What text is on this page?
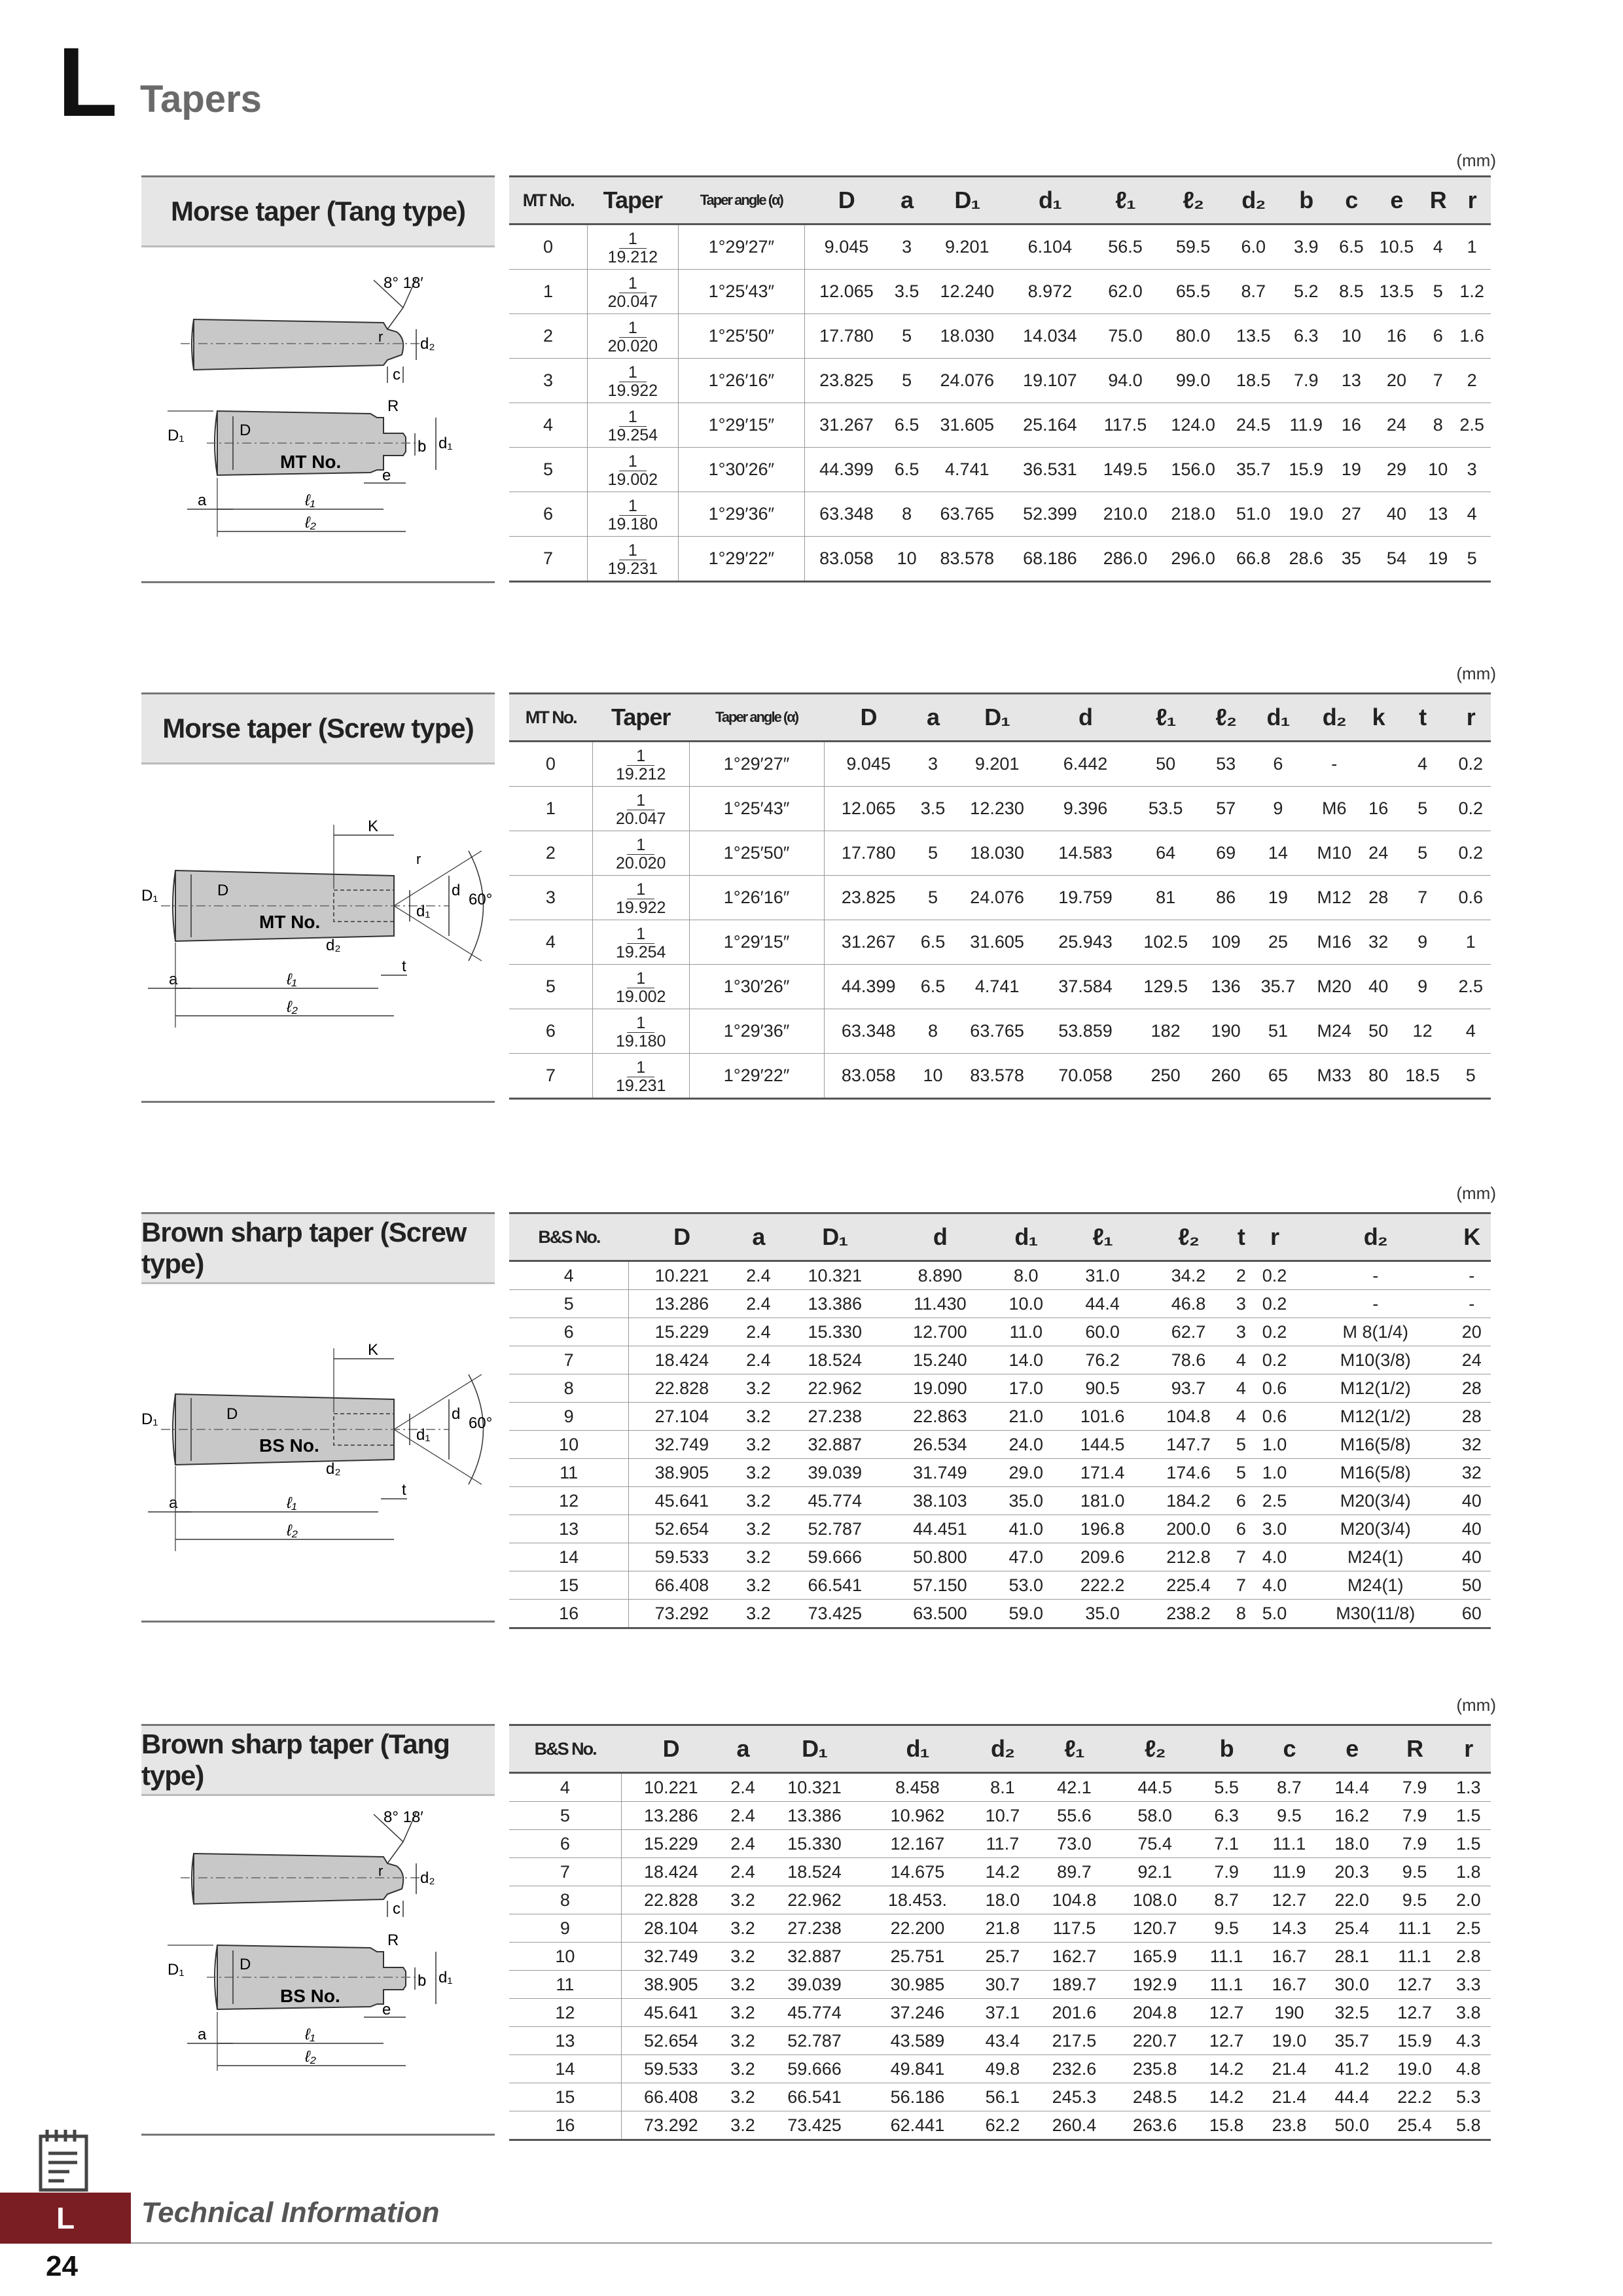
L Tapers
(mm)
Morse taper (Tang type)
8° 18′
r d₂
c
D₁	D
MT No.
R
b d₁
e
a	ℓ₁
ℓ₂
MT No.	Taper	Taper angle (α)	D	a	D₁	d₁	ℓ₁	ℓ₂	d₂	b	c	e	R	r
0	$\frac{1}{19.212}$	1°29′27″	9.045	3	9.201	6.104	56.5	59.5	6.0	3.9	6.5	10.5	4	1
1	$\frac{1}{20.047}$	1°25′43″	12.065	3.5	12.240	8.972	62.0	65.5	8.7	5.2	8.5	13.5	5	1.2
2	$\frac{1}{20.020}$	1°25′50″	17.780	5	18.030	14.034	75.0	80.0	13.5	6.3	10	16	6	1.6
3	$\frac{1}{19.922}$	1°26′16″	23.825	5	24.076	19.107	94.0	99.0	18.5	7.9	13	20	7	2
4	$\frac{1}{19.254}$	1°29′15″	31.267	6.5	31.605	25.164	117.5	124.0	24.5	11.9	16	24	8	2.5
5	$\frac{1}{19.002}$	1°30′26″	44.399	6.5	4.741	36.531	149.5	156.0	35.7	15.9	19	29	10	3
6	$\frac{1}{19.180}$	1°29′36″	63.348	8	63.765	52.399	210.0	218.0	51.0	19.0	27	40	13	4
7	$\frac{1}{19.231}$	1°29′22″	83.058	10	83.578	68.186	286.0	296.0	66.8	28.6	35	54	19	5
(mm)
Morse taper (Screw type)
K
r
60°
d
d₁
D₁	D
MT No.
d₂
t
a	ℓ₁
ℓ₂
MT No.	Taper	Taper angle (α)	D	a	D₁	d	ℓ₁	ℓ₂	d₁	d₂	k	t	r
0	$\frac{1}{19.212}$	1°29′27″	9.045	3	9.201	6.442	50	53	6	-		4	0.2
1	$\frac{1}{20.047}$	1°25′43″	12.065	3.5	12.230	9.396	53.5	57	9	M6	16	5	0.2
2	$\frac{1}{20.020}$	1°25′50″	17.780	5	18.030	14.583	64	69	14	M10	24	5	0.2
3	$\frac{1}{19.922}$	1°26′16″	23.825	5	24.076	19.759	81	86	19	M12	28	7	0.6
4	$\frac{1}{19.254}$	1°29′15″	31.267	6.5	31.605	25.943	102.5	109	25	M16	32	9	1
5	$\frac{1}{19.002}$	1°30′26″	44.399	6.5	4.741	37.584	129.5	136	35.7	M20	40	9	2.5
6	$\frac{1}{19.180}$	1°29′36″	63.348	8	63.765	53.859	182	190	51	M24	50	12	4
7	$\frac{1}{19.231}$	1°29′22″	83.058	10	83.578	70.058	250	260	65	M33	80	18.5	5
(mm)
Brown sharp taper (Screw type)
K
60°
d
d₁
D₁	D
BS No.
d₂
t
a	ℓ₁
ℓ₂
B&S No.	D	a	D₁	d	d₁	ℓ₁	ℓ₂	t	r	d₂	K
4	10.221	2.4	10.321	8.890	8.0	31.0	34.2	2	0.2	-	-
5	13.286	2.4	13.386	11.430	10.0	44.4	46.8	3	0.2	-	-
6	15.229	2.4	15.330	12.700	11.0	60.0	62.7	3	0.2	M 8(1/4)	20
7	18.424	2.4	18.524	15.240	14.0	76.2	78.6	4	0.2	M10(3/8)	24
8	22.828	3.2	22.962	19.090	17.0	90.5	93.7	4	0.6	M12(1/2)	28
9	27.104	3.2	27.238	22.863	21.0	101.6	104.8	4	0.6	M12(1/2)	28
10	32.749	3.2	32.887	26.534	24.0	144.5	147.7	5	1.0	M16(5/8)	32
11	38.905	3.2	39.039	31.749	29.0	171.4	174.6	5	1.0	M16(5/8)	32
12	45.641	3.2	45.774	38.103	35.0	181.0	184.2	6	2.5	M20(3/4)	40
13	52.654	3.2	52.787	44.451	41.0	196.8	200.0	6	3.0	M20(3/4)	40
14	59.533	3.2	59.666	50.800	47.0	209.6	212.8	7	4.0	M24(1)	40
15	66.408	3.2	66.541	57.150	53.0	222.2	225.4	7	4.0	M24(1)	50
16	73.292	3.2	73.425	63.500	59.0	35.0	238.2	8	5.0	M30(11/8)	60
(mm)
Brown sharp taper (Tang type)
8° 18′
r d₂
c
D₁	D
BS No.
R
b d₁
e
a	ℓ₁
ℓ₂
B&S No.	D	a	D₁	d₁	d₂	ℓ₁	ℓ₂	b	c	e	R	r
4	10.221	2.4	10.321	8.458	8.1	42.1	44.5	5.5	8.7	14.4	7.9	1.3
5	13.286	2.4	13.386	10.962	10.7	55.6	58.0	6.3	9.5	16.2	7.9	1.5
6	15.229	2.4	15.330	12.167	11.7	73.0	75.4	7.1	11.1	18.0	7.9	1.5
7	18.424	2.4	18.524	14.675	14.2	89.7	92.1	7.9	11.9	20.3	9.5	1.8
8	22.828	3.2	22.962	18.453.	18.0	104.8	108.0	8.7	12.7	22.0	9.5	2.0
9	28.104	3.2	27.238	22.200	21.8	117.5	120.7	9.5	14.3	25.4	11.1	2.5
10	32.749	3.2	32.887	25.751	25.7	162.7	165.9	11.1	16.7	28.1	11.1	2.8
11	38.905	3.2	39.039	30.985	30.7	189.7	192.9	11.1	16.7	30.0	12.7	3.3
12	45.641	3.2	45.774	37.246	37.1	201.6	204.8	12.7	190	32.5	12.7	3.8
13	52.654	3.2	52.787	43.589	43.4	217.5	220.7	12.7	19.0	35.7	15.9	4.3
14	59.533	3.2	59.666	49.841	49.8	232.6	235.8	14.2	21.4	41.2	19.0	4.8
15	66.408	3.2	66.541	56.186	56.1	245.3	248.5	14.2	21.4	44.4	22.2	5.3
16	73.292	3.2	73.425	62.441	62.2	260.4	263.6	15.8	23.8	50.0	25.4	5.8
L	Technical Information
24
